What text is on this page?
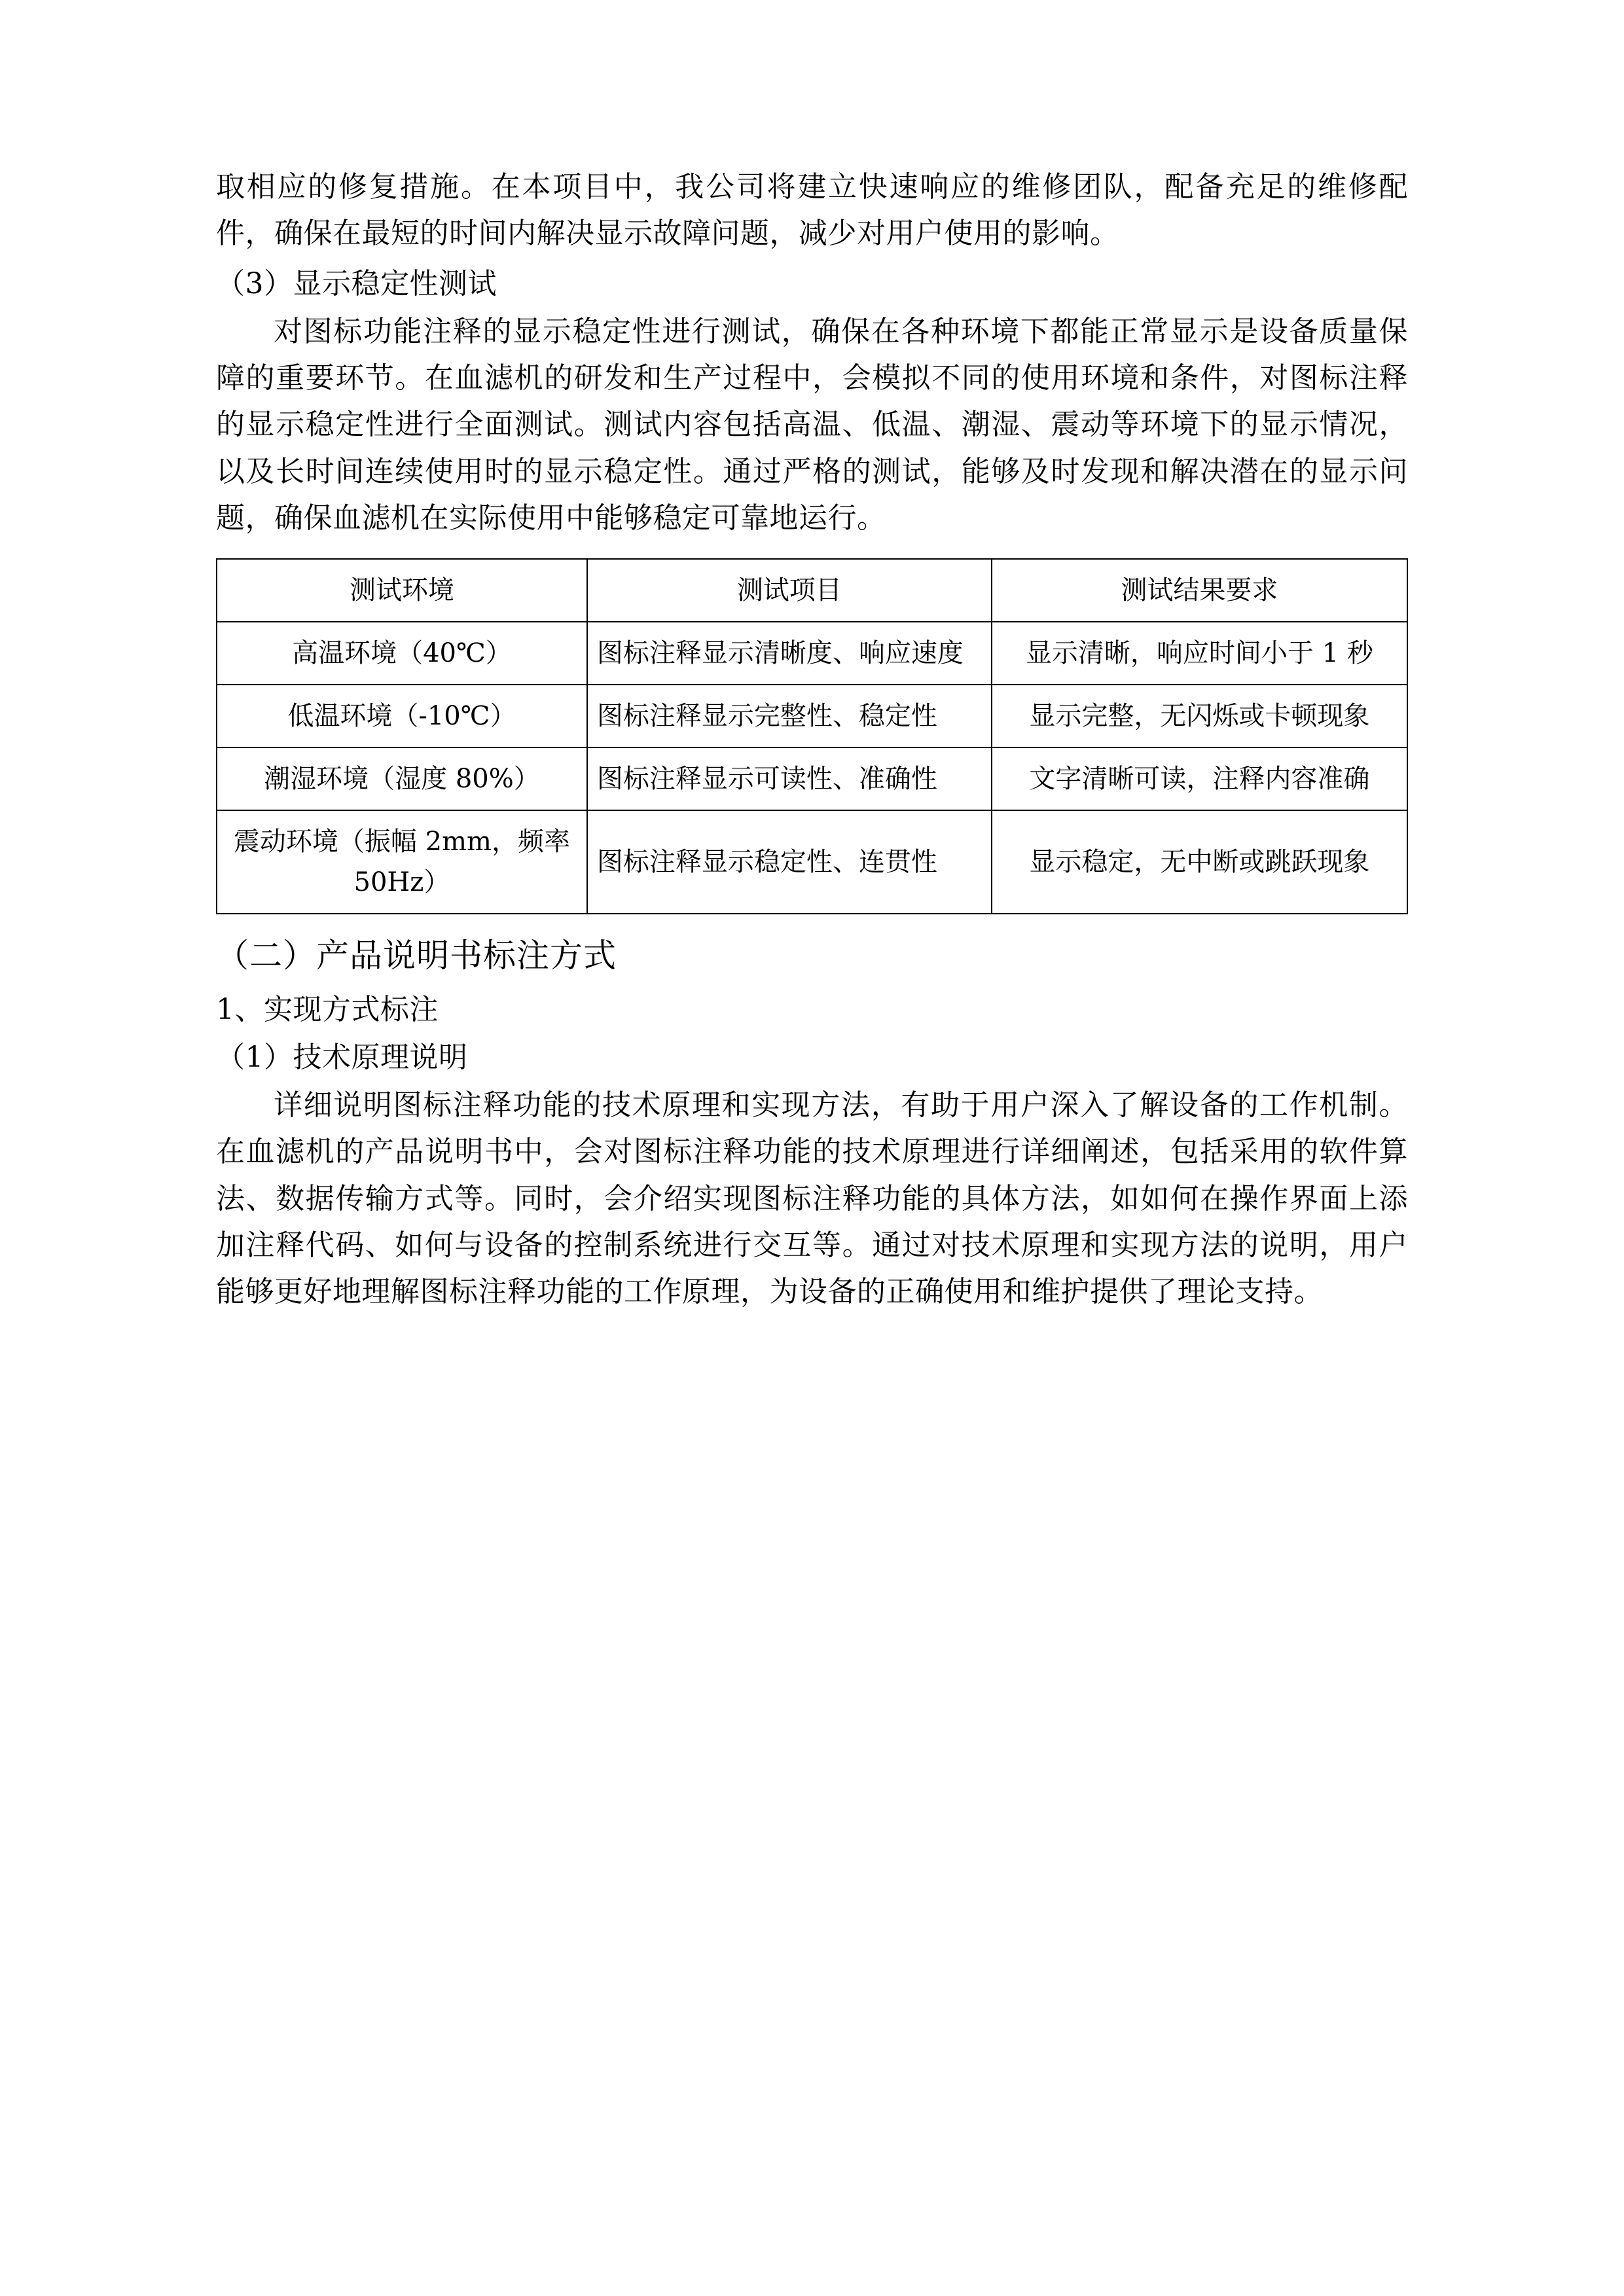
取相应的修复措施。在本项目中，我公司将建立快速响应的维修团队，配备充足的维修配件，确保在最短的时间内解决显示故障问题，减少对用户使用的影响。

（3）显示稳定性测试

对图标功能注释的显示稳定性进行测试，确保在各种环境下都能正常显示是设备质量保障的重要环节。在血滤机的研发和生产过程中，会模拟不同的使用环境和条件，对图标注释的显示稳定性进行全面测试。测试内容包括高温、低温、潮湿、震动等环境下的显示情况，以及长时间连续使用时的显示稳定性。通过严格的测试，能够及时发现和解决潜在的显示问题，确保血滤机在实际使用中能够稳定可靠地运行。

测试环境	测试项目	测试结果要求
高温环境（40℃）	图标注释显示清晰度、响应速度	显示清晰，响应时间小于 1 秒
低温环境（-10℃）	图标注释显示完整性、稳定性	显示完整，无闪烁或卡顿现象
潮湿环境（湿度 80%）	图标注释显示可读性、准确性	文字清晰可读，注释内容准确
震动环境（振幅 2mm，频率 50Hz）	图标注释显示稳定性、连贯性	显示稳定，无中断或跳跃现象

（二）产品说明书标注方式

1、实现方式标注

（1）技术原理说明

详细说明图标注释功能的技术原理和实现方法，有助于用户深入了解设备的工作机制。在血滤机的产品说明书中，会对图标注释功能的技术原理进行详细阐述，包括采用的软件算法、数据传输方式等。同时，会介绍实现图标注释功能的具体方法，如如何在操作界面上添加注释代码、如何与设备的控制系统进行交互等。通过对技术原理和实现方法的说明，用户能够更好地理解图标注释功能的工作原理，为设备的正确使用和维护提供了理论支持。
